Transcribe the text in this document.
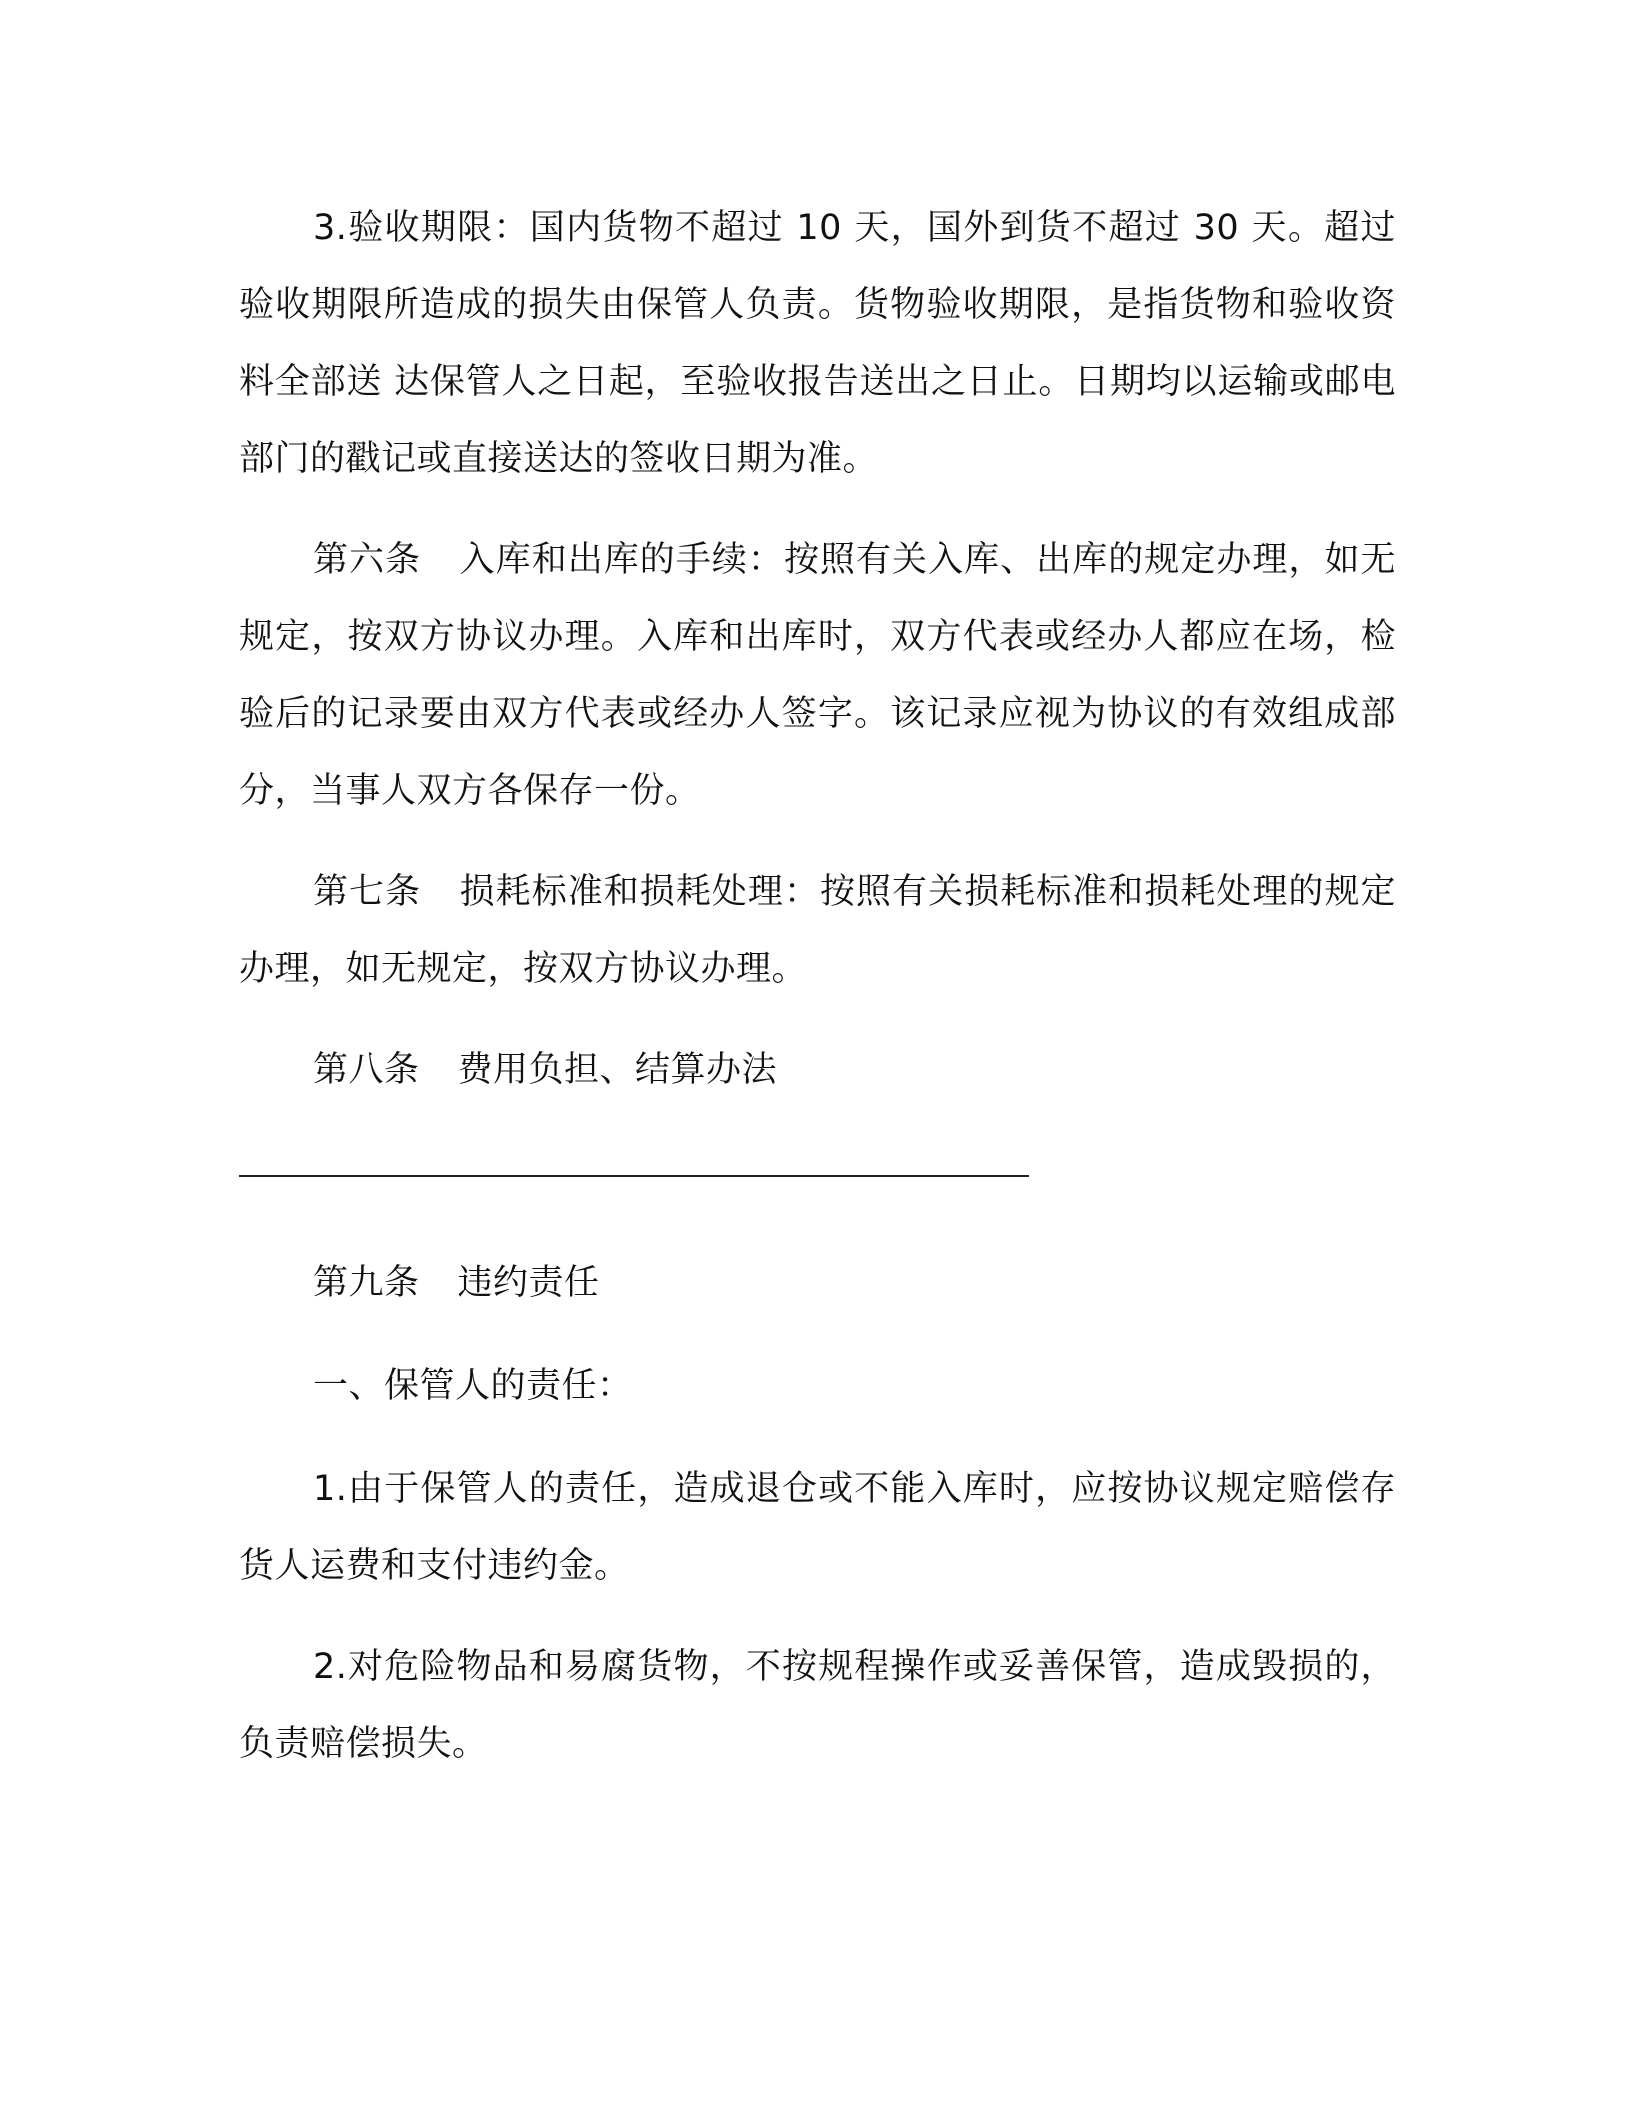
3.验收期限：国内货物不超过 10 天，国外到货不超过 30 天。超过验收期限所造成的损失由保管人负责。货物验收期限，是指货物和验收资料全部送 达保管人之日起，至验收报告送出之日止。日期均以运输或邮电部门的戳记或直接送达的签收日期为准。

第六条 入库和出库的手续：按照有关入库、出库的规定办理，如无规定，按双方协议办理。入库和出库时，双方代表或经办人都应在场，检验后的记录要由双方代表或经办人签字。该记录应视为协议的有效组成部分，当事人双方各保存一份。

第七条 损耗标准和损耗处理：按照有关损耗标准和损耗处理的规定办理，如无规定，按双方协议办理。

第八条 费用负担、结算办法

第九条 违约责任

一、保管人的责任：

1.由于保管人的责任，造成退仓或不能入库时，应按协议规定赔偿存货人运费和支付违约金。

2.对危险物品和易腐货物，不按规程操作或妥善保管，造成毁损的，负责赔偿损失。
